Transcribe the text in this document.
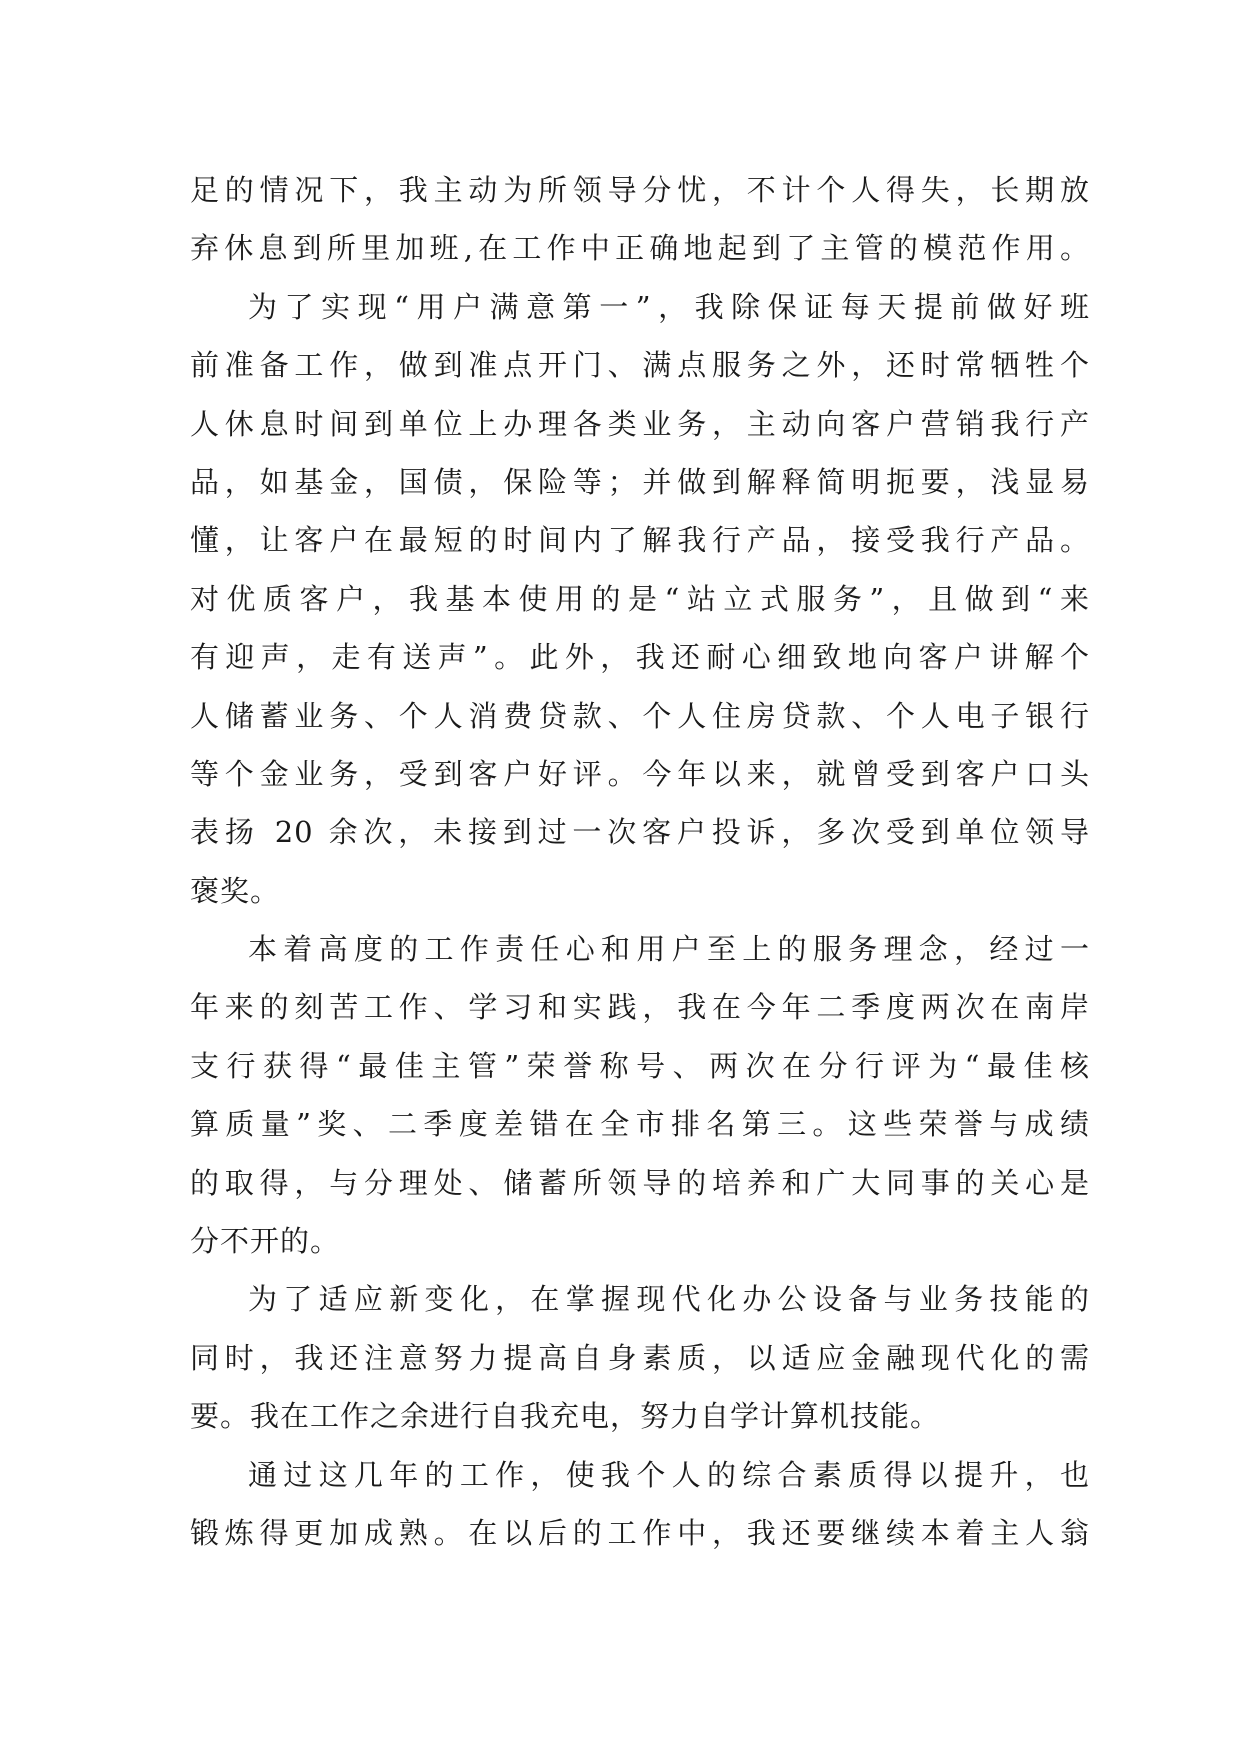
足的情况下，我主动为所领导分忧，不计个人得失，长期放
弃休息到所里加班,在工作中正确地起到了主管的模范作用。
为了实现“用户满意第一”，我除保证每天提前做好班
前准备工作，做到准点开门、满点服务之外，还时常牺牲个
人休息时间到单位上办理各类业务，主动向客户营销我行产
品，如基金，国债，保险等；并做到解释简明扼要，浅显易
懂，让客户在最短的时间内了解我行产品，接受我行产品。
对优质客户，我基本使用的是“站立式服务”，且做到“来
有迎声，走有送声”。此外，我还耐心细致地向客户讲解个
人储蓄业务、个人消费贷款、个人住房贷款、个人电子银行
等个金业务，受到客户好评。今年以来，就曾受到客户口头
表扬 20 余次，未接到过一次客户投诉，多次受到单位领导
褒奖。
本着高度的工作责任心和用户至上的服务理念，经过一
年来的刻苦工作、学习和实践，我在今年二季度两次在南岸
支行获得“最佳主管”荣誉称号、两次在分行评为“最佳核
算质量”奖、二季度差错在全市排名第三。这些荣誉与成绩
的取得，与分理处、储蓄所领导的培养和广大同事的关心是
分不开的。
为了适应新变化，在掌握现代化办公设备与业务技能的
同时，我还注意努力提高自身素质，以适应金融现代化的需
要。我在工作之余进行自我充电，努力自学计算机技能。
通过这几年的工作，使我个人的综合素质得以提升，也
锻炼得更加成熟。在以后的工作中，我还要继续本着主人翁
